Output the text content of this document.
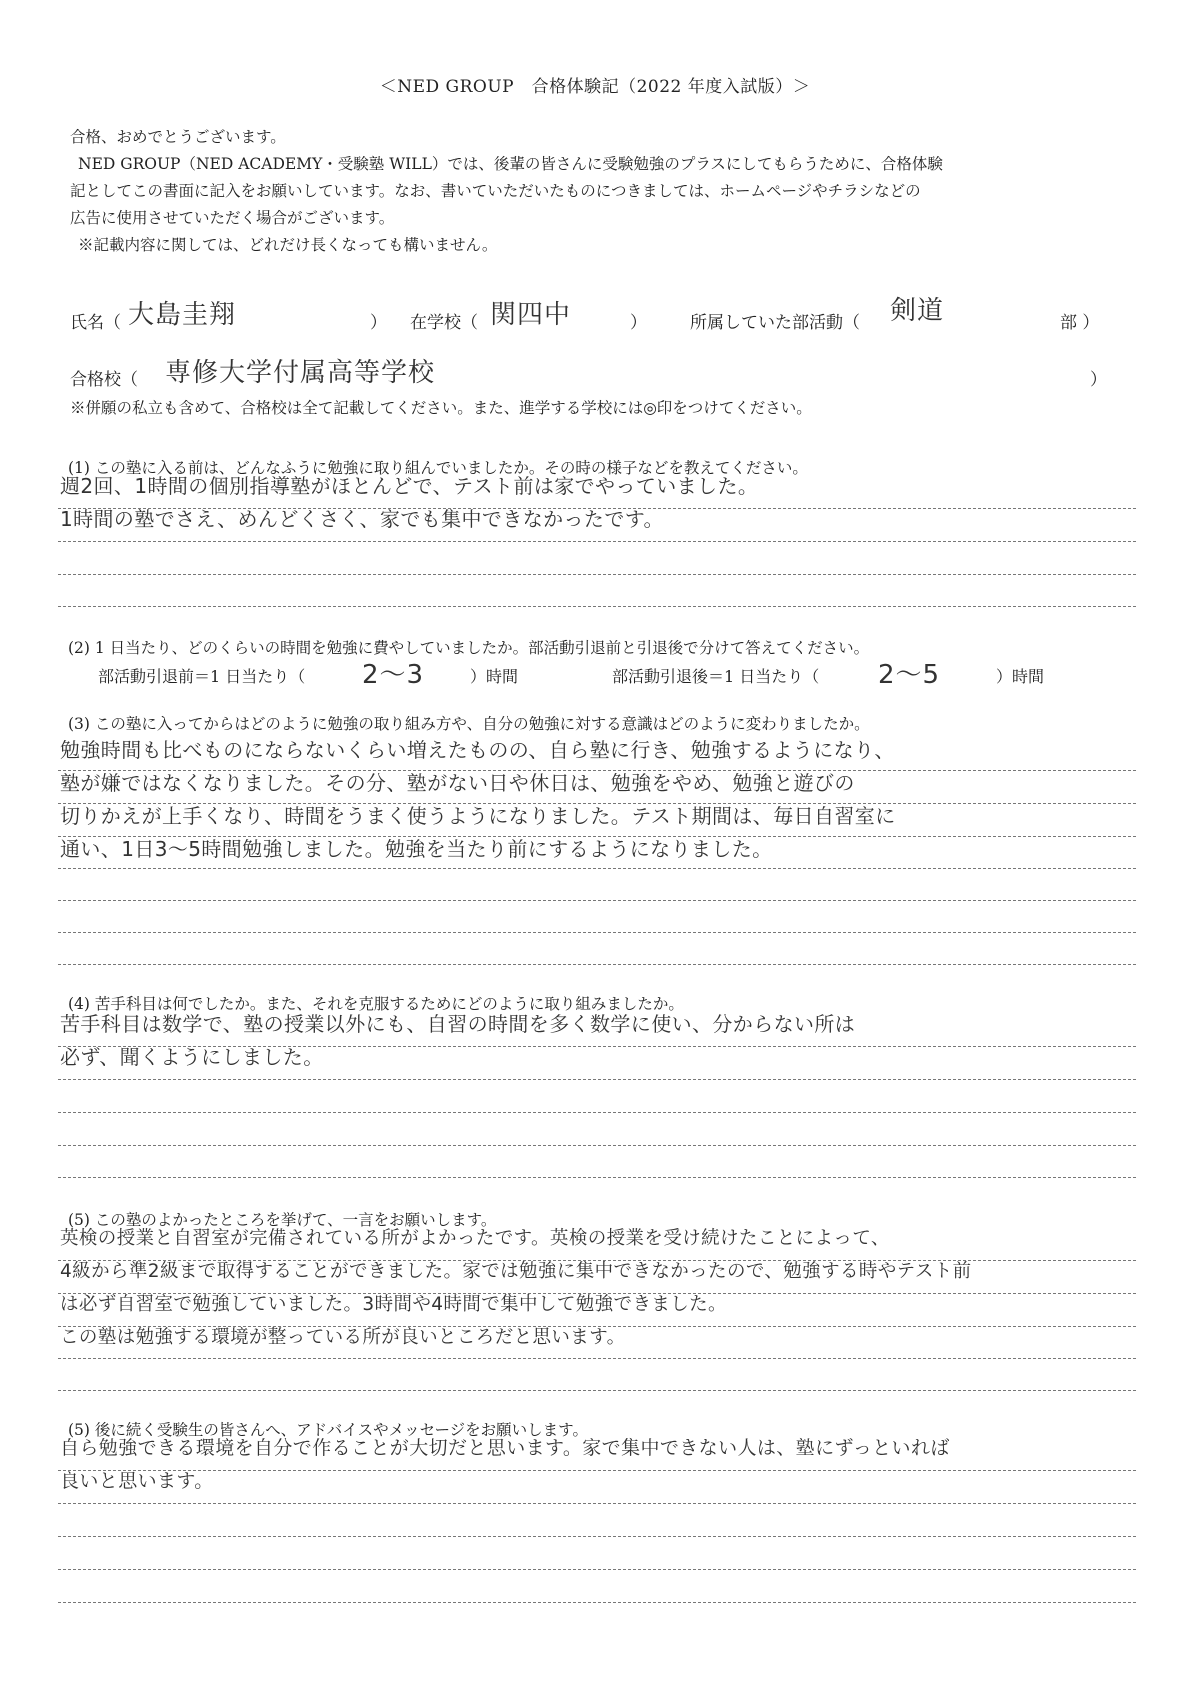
＜NED GROUP　合格体験記（2022 年度入試版）＞

合格、おめでとうございます。

NED GROUP（NED ACADEMY・受験塾 WILL）では、後輩の皆さんに受験勉強のプラスにしてもらうために、合格体験

記としてこの書面に記入をお願いしています。なお、書いていただいたものにつきましては、ホームページやチラシなどの

広告に使用させていただく場合がございます。

※記載内容に関しては、どれだけ長くなっても構いません。

氏名（ 大島圭翔	） 在学校（ 関四中	）	所属していた部活動（ 剣道	部 ）
合格校（ 専修大学付属高等学校	）
※併願の私立も含めて、合格校は全て記載してください。また、進学する学校には◎印をつけてください。
(1) この塾に入る前は、どんなふうに勉強に取り組んでいましたか。その時の様子などを教えてください。
週2回、1時間の個別指導塾がほとんどで、テスト前は家でやっていました。
1時間の塾でさえ、めんどくさく、家でも集中できなかったです。
(2) 1 日当たり、どのくらいの時間を勉強に費やしていましたか。部活動引退前と引退後で分けて答えてください。
部活動引退前＝1 日当たり（ 2～3	）時間	部活動引退後＝1 日当たり（ 2～5	）時間
(3) この塾に入ってからはどのように勉強の取り組み方や、自分の勉強に対する意識はどのように変わりましたか。
勉強時間も比べものにならないくらい増えたものの、自ら塾に行き、勉強するようになり、
塾が嫌ではなくなりました。その分、塾がない日や休日は、勉強をやめ、勉強と遊びの
切りかえが上手くなり、時間をうまく使うようになりました。テスト期間は、毎日自習室に
通い、1日3～5時間勉強しました。勉強を当たり前にするようになりました。
(4) 苦手科目は何でしたか。また、それを克服するためにどのように取り組みましたか。
苦手科目は数学で、塾の授業以外にも、自習の時間を多く数学に使い、分からない所は
必ず、聞くようにしました。
(5) この塾のよかったところを挙げて、一言をお願いします。
英検の授業と自習室が完備されている所がよかったです。英検の授業を受け続けたことによって、
4級から準2級まで取得することができました。家では勉強に集中できなかったので、勉強する時やテスト前
は必ず自習室で勉強していました。3時間や4時間で集中して勉強できました。
この塾は勉強する環境が整っている所が良いところだと思います。
(5) 後に続く受験生の皆さんへ、アドバイスやメッセージをお願いします。
自ら勉強できる環境を自分で作ることが大切だと思います。家で集中できない人は、塾にずっといれば
良いと思います。
